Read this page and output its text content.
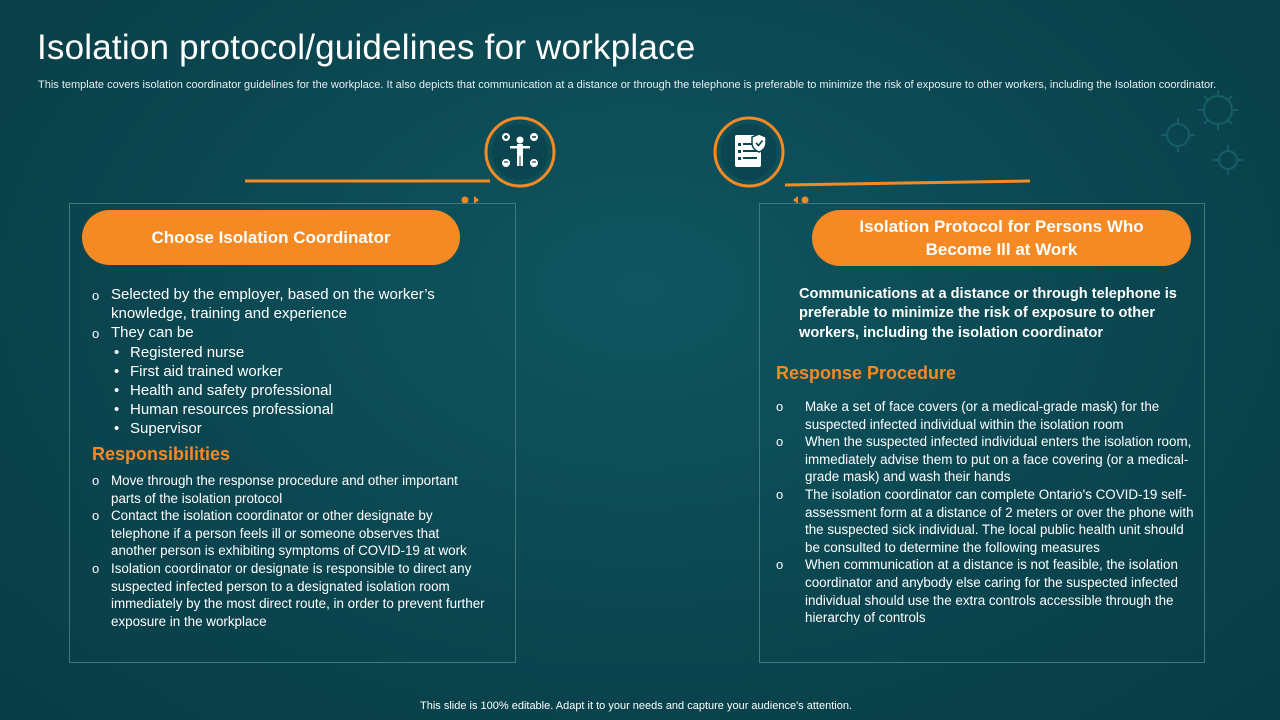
Isolation protocol/guidelines for workplace
This template covers isolation coordinator guidelines for the workplace. It also depicts that communication at a distance or through the telephone is preferable to minimize the risk of exposure to other workers, including the Isolation coordinator.
Choose Isolation Coordinator
Isolation Protocol for Persons Who Become Ill at Work
o Selected by the employer, based on the worker’s knowledge, training and experience
o They can be
• Registered nurse
• First aid trained worker
• Health and safety professional
• Human resources professional
• Supervisor
Responsibilities
o Move through the response procedure and other important parts of the isolation protocol
o Contact the isolation coordinator or other designate by telephone if a person feels ill or someone observes that another person is exhibiting symptoms of COVID-19 at work
o Isolation coordinator or designate is responsible to direct any suspected infected person to a designated isolation room immediately by the most direct route, in order to prevent further exposure in the workplace
Communications at a distance or through telephone is preferable to minimize the risk of exposure to other workers, including the isolation coordinator
Response Procedure
o Make a set of face covers (or a medical-grade mask) for the suspected infected individual within the isolation room
o When the suspected infected individual enters the isolation room, immediately advise them to put on a face covering (or a medical-grade mask) and wash their hands
o The isolation coordinator can complete Ontario's COVID-19 self-assessment form at a distance of 2 meters or over the phone with the suspected sick individual. The local public health unit should be consulted to determine the following measures
o When communication at a distance is not feasible, the isolation coordinator and anybody else caring for the suspected infected individual should use the extra controls accessible through the hierarchy of controls
This slide is 100% editable. Adapt it to your needs and capture your audience's attention.
